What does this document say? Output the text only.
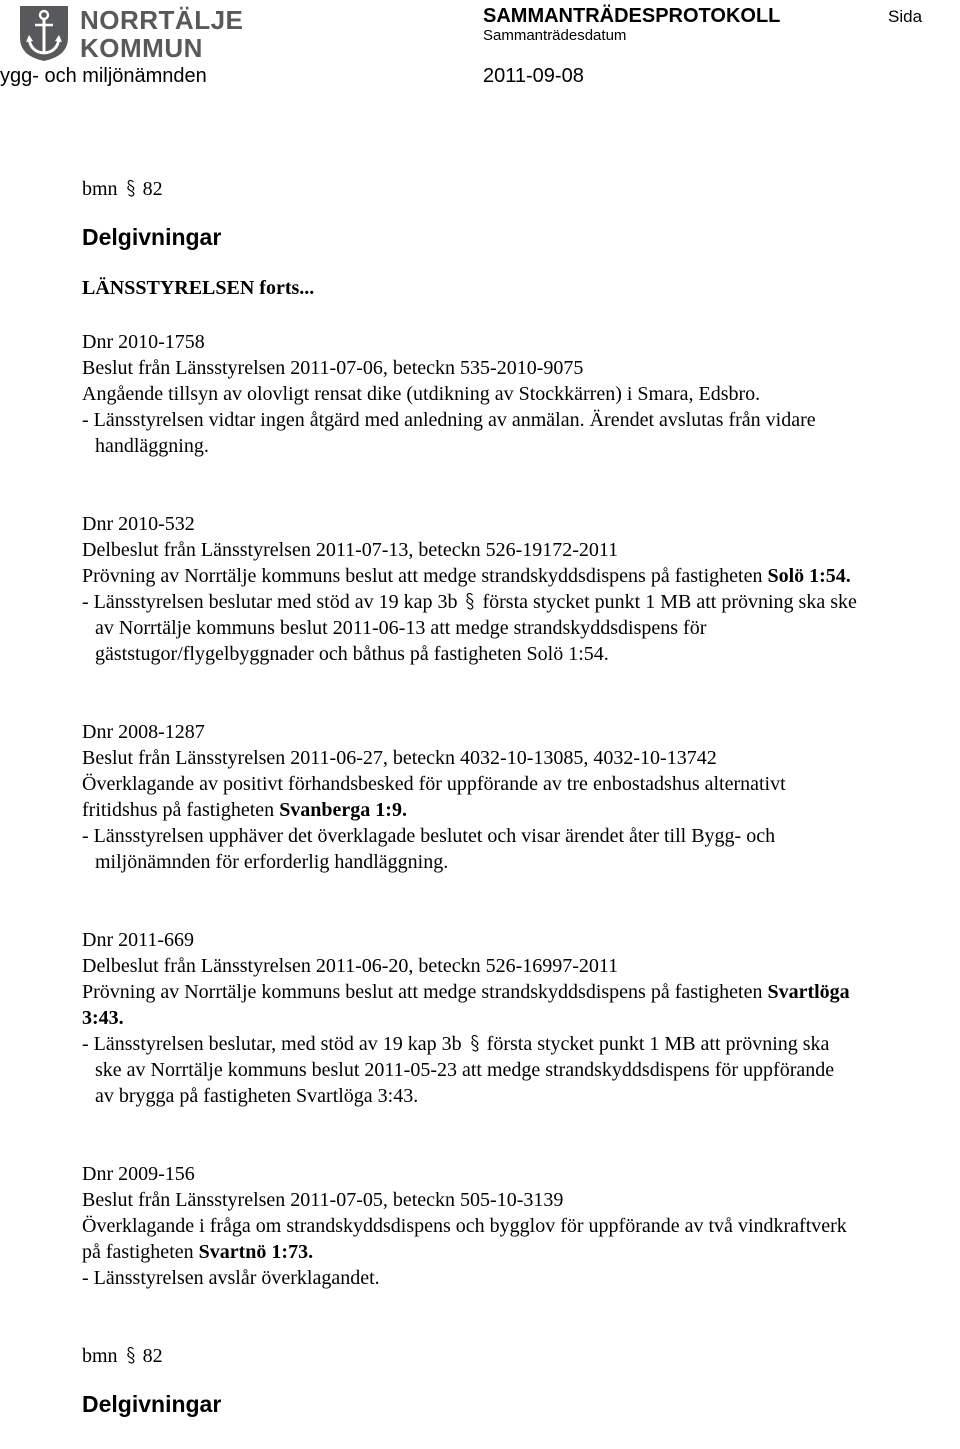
NORRTÄLJE
KOMMUN
ygg- och miljönämnden
SAMMANTRÄDESPROTOKOLL
Sammanträdesdatum
2011-09-08
Sida
bmn 82
Delgivningar
LÄNSSTYRELSEN forts...
Dnr 2010-1758
Beslut från Länsstyrelsen 2011-07-06, beteckn 535-2010-9075
Angående tillsyn av olovligt rensat dike (utdikning av Stockkärren) i Smara, Edsbro.
- Länsstyrelsen vidtar ingen åtgärd med anledning av anmälan. Ärendet avslutas från vidare
handläggning.
Dnr 2010-532
Delbeslut från Länsstyrelsen 2011-07-13, beteckn 526-19172-2011
Prövning av Norrtälje kommuns beslut att medge strandskyddsdispens på fastigheten Solö 1:54.
- Länsstyrelsen beslutar med stöd av 19 kap 3b första stycket punkt 1 MB att prövning ska ske
av Norrtälje kommuns beslut 2011-06-13 att medge strandskyddsdispens för
gäststugor/flygelbyggnader och båthus på fastigheten Solö 1:54.
Dnr 2008-1287
Beslut från Länsstyrelsen 2011-06-27, beteckn 4032-10-13085, 4032-10-13742
Överklagande av positivt förhandsbesked för uppförande av tre enbostadshus alternativt
fritidshus på fastigheten Svanberga 1:9.
- Länsstyrelsen upphäver det överklagade beslutet och visar ärendet åter till Bygg- och
miljönämnden för erforderlig handläggning.
Dnr 2011-669
Delbeslut från Länsstyrelsen 2011-06-20, beteckn 526-16997-2011
Prövning av Norrtälje kommuns beslut att medge strandskyddsdispens på fastigheten Svartlöga
3:43.
- Länsstyrelsen beslutar, med stöd av 19 kap 3b första stycket punkt 1 MB att prövning ska
ske av Norrtälje kommuns beslut 2011-05-23 att medge strandskyddsdispens för uppförande
av brygga på fastigheten Svartlöga 3:43.
Dnr 2009-156
Beslut från Länsstyrelsen 2011-07-05, beteckn 505-10-3139
Överklagande i fråga om strandskyddsdispens och bygglov för uppförande av två vindkraftverk
på fastigheten Svartnö 1:73.
- Länsstyrelsen avslår överklagandet.
bmn 82
Delgivningar
